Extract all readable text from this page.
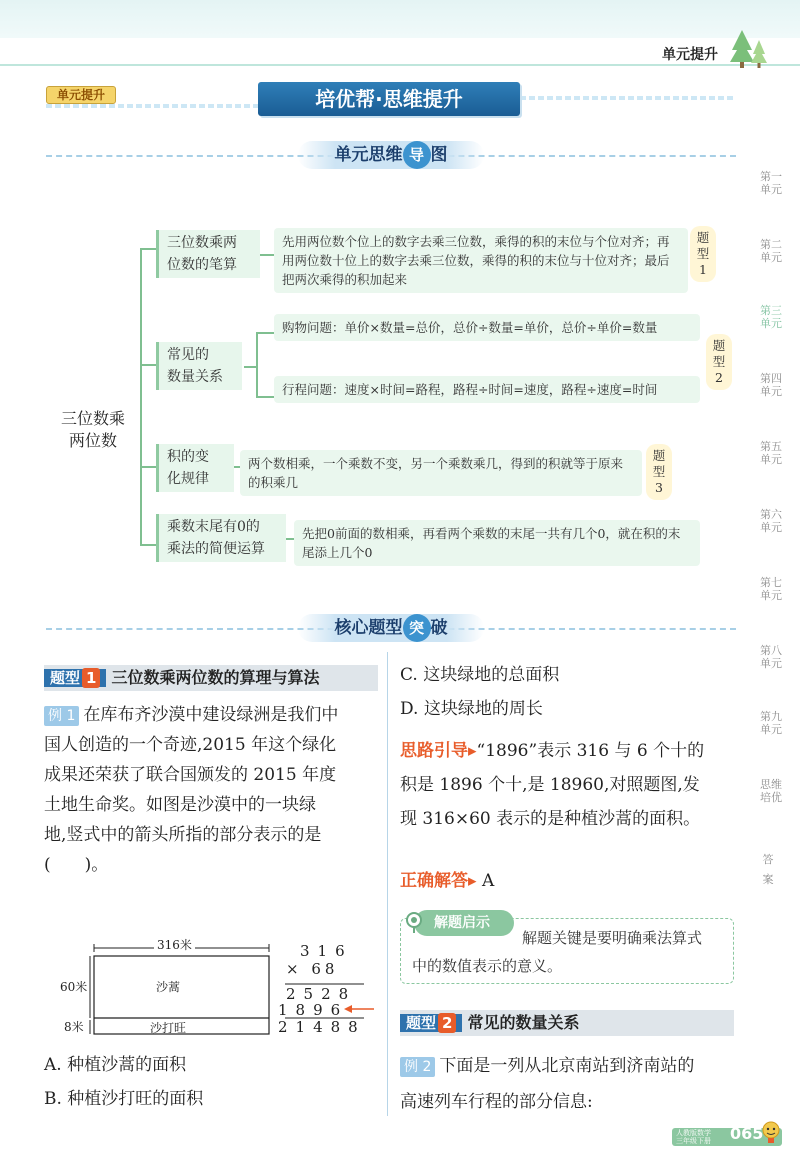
单元提升
单元提升	培优帮·思维提升
单元思维 导 图
三位数乘
两位数
三位数乘两
位数的笔算
先用两位数个位上的数字去乘三位数，乘得的积的末位与个位对齐；再用两位数十位上的数字去乘三位数，乘得的积的末位与十位对齐；最后把两次乘得的积加起来
题
型
1
常见的
数量关系
购物问题：单价×数量=总价，总价÷数量=单价，总价÷单价=数量
行程问题：速度×时间=路程，路程÷时间=速度，路程÷速度=时间
题
型
2
积的变
化规律
两个数相乘，一个乘数不变，另一个乘数乘几，得到的积就等于原来的积乘几
题
型
3
乘数末尾有0的
乘法的简便运算
先把0前面的数相乘，再看两个乘数的末尾一共有几个0，就在积的末尾添上几个0
核心题型 突 破
题型 1 三位数乘两位数的算理与算法
例 1 在库布齐沙漠中建设绿洲是我们中
国人创造的一个奇迹,2015 年这个绿化
成果还荣获了联合国颁发的 2015 年度
土地生命奖。如图是沙漠中的一块绿
地,竖式中的箭头所指的部分表示的是
(　　)。
316米
60米
8米
沙蒿
沙打旺
316
× 68
2528
1896
21488
A. 种植沙蒿的面积
B. 种植沙打旺的面积
C. 这块绿地的总面积
D. 这块绿地的周长
思路引导▸“1896”表示 316 与 6 个十的
积是 1896 个十,是 18960,对照题图,发
现 316×60 表示的是种植沙蒿的面积。
正确解答▸ A
解题启示
解题关键是要明确乘法算式
中的数值表示的意义。
题型 2 常见的数量关系
例 2 下面是一列从北京南站到济南站的
高速列车行程的部分信息:
第一单元
第二单元
第三单元
第四单元
第五单元
第六单元
第七单元
第八单元
第九单元
思维培优
答案
人教版数学
三年级下册 065
